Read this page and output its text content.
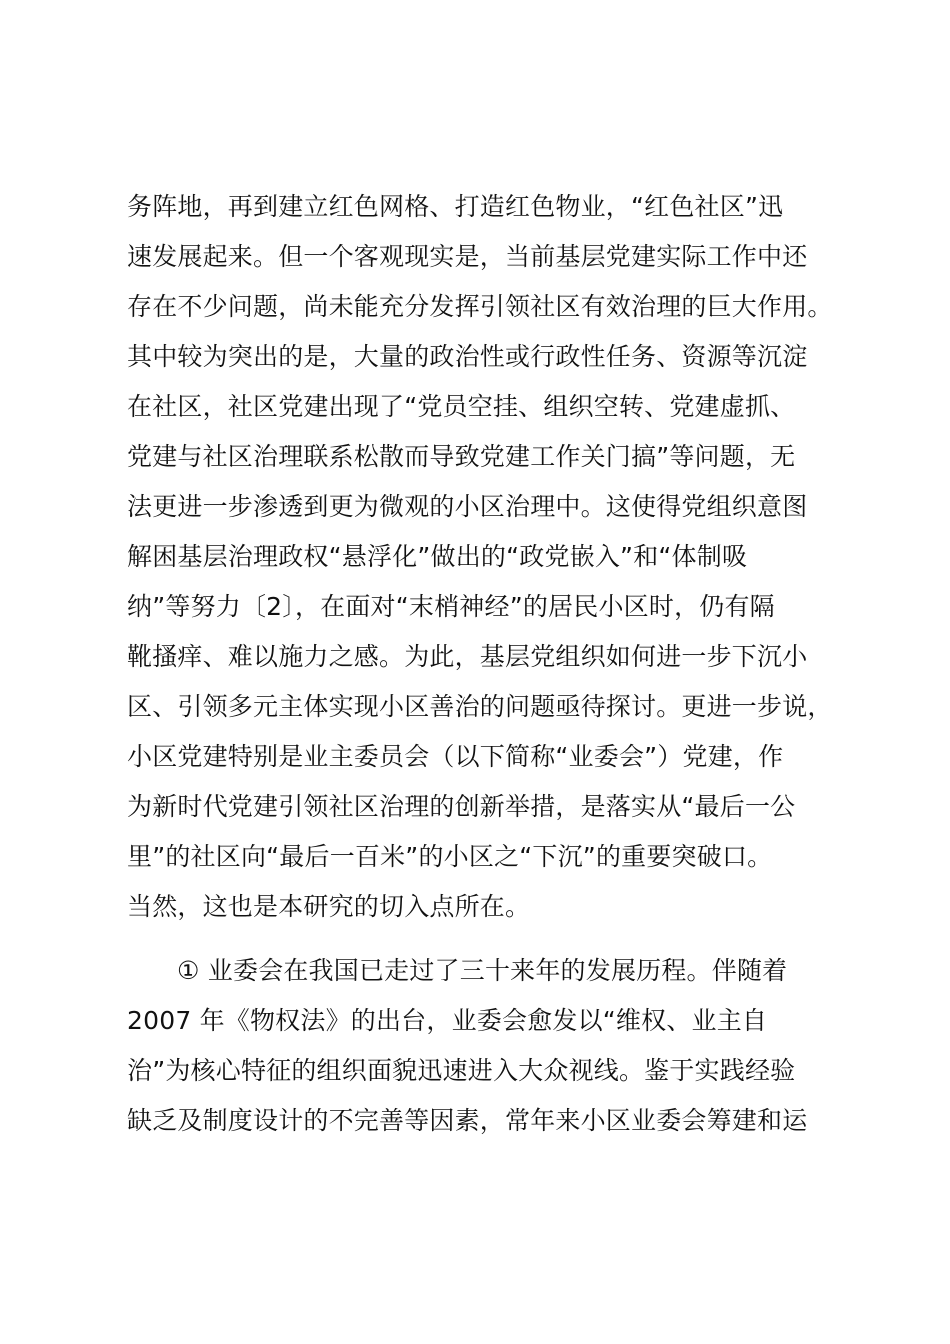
务阵地，再到建立红色网格、打造红色物业，“红色社区”迅
速发展起来。但一个客观现实是，当前基层党建实际工作中还
存在不少问题，尚未能充分发挥引领社区有效治理的巨大作用。
其中较为突出的是，大量的政治性或行政性任务、资源等沉淀
在社区，社区党建出现了“党员空挂、组织空转、党建虚抓、
党建与社区治理联系松散而导致党建工作关门搞”等问题，无
法更进一步渗透到更为微观的小区治理中。这使得党组织意图
解困基层治理政权“悬浮化”做出的“政党嵌入”和“体制吸
纳”等努力〔2〕，在面对“末梢神经”的居民小区时，仍有隔
靴搔痒、难以施力之感。为此，基层党组织如何进一步下沉小
区、引领多元主体实现小区善治的问题亟待探讨。更进一步说，
小区党建特别是业主委员会（以下简称“业委会”）党建，作
为新时代党建引领社区治理的创新举措，是落实从“最后一公
里”的社区向“最后一百米”的小区之“下沉”的重要突破口。
当然，这也是本研究的切入点所在。
① 业委会在我国已走过了三十来年的发展历程。伴随着
2007 年《物权法》的出台，业委会愈发以“维权、业主自
治”为核心特征的组织面貌迅速进入大众视线。鉴于实践经验
缺乏及制度设计的不完善等因素，常年来小区业委会筹建和运
